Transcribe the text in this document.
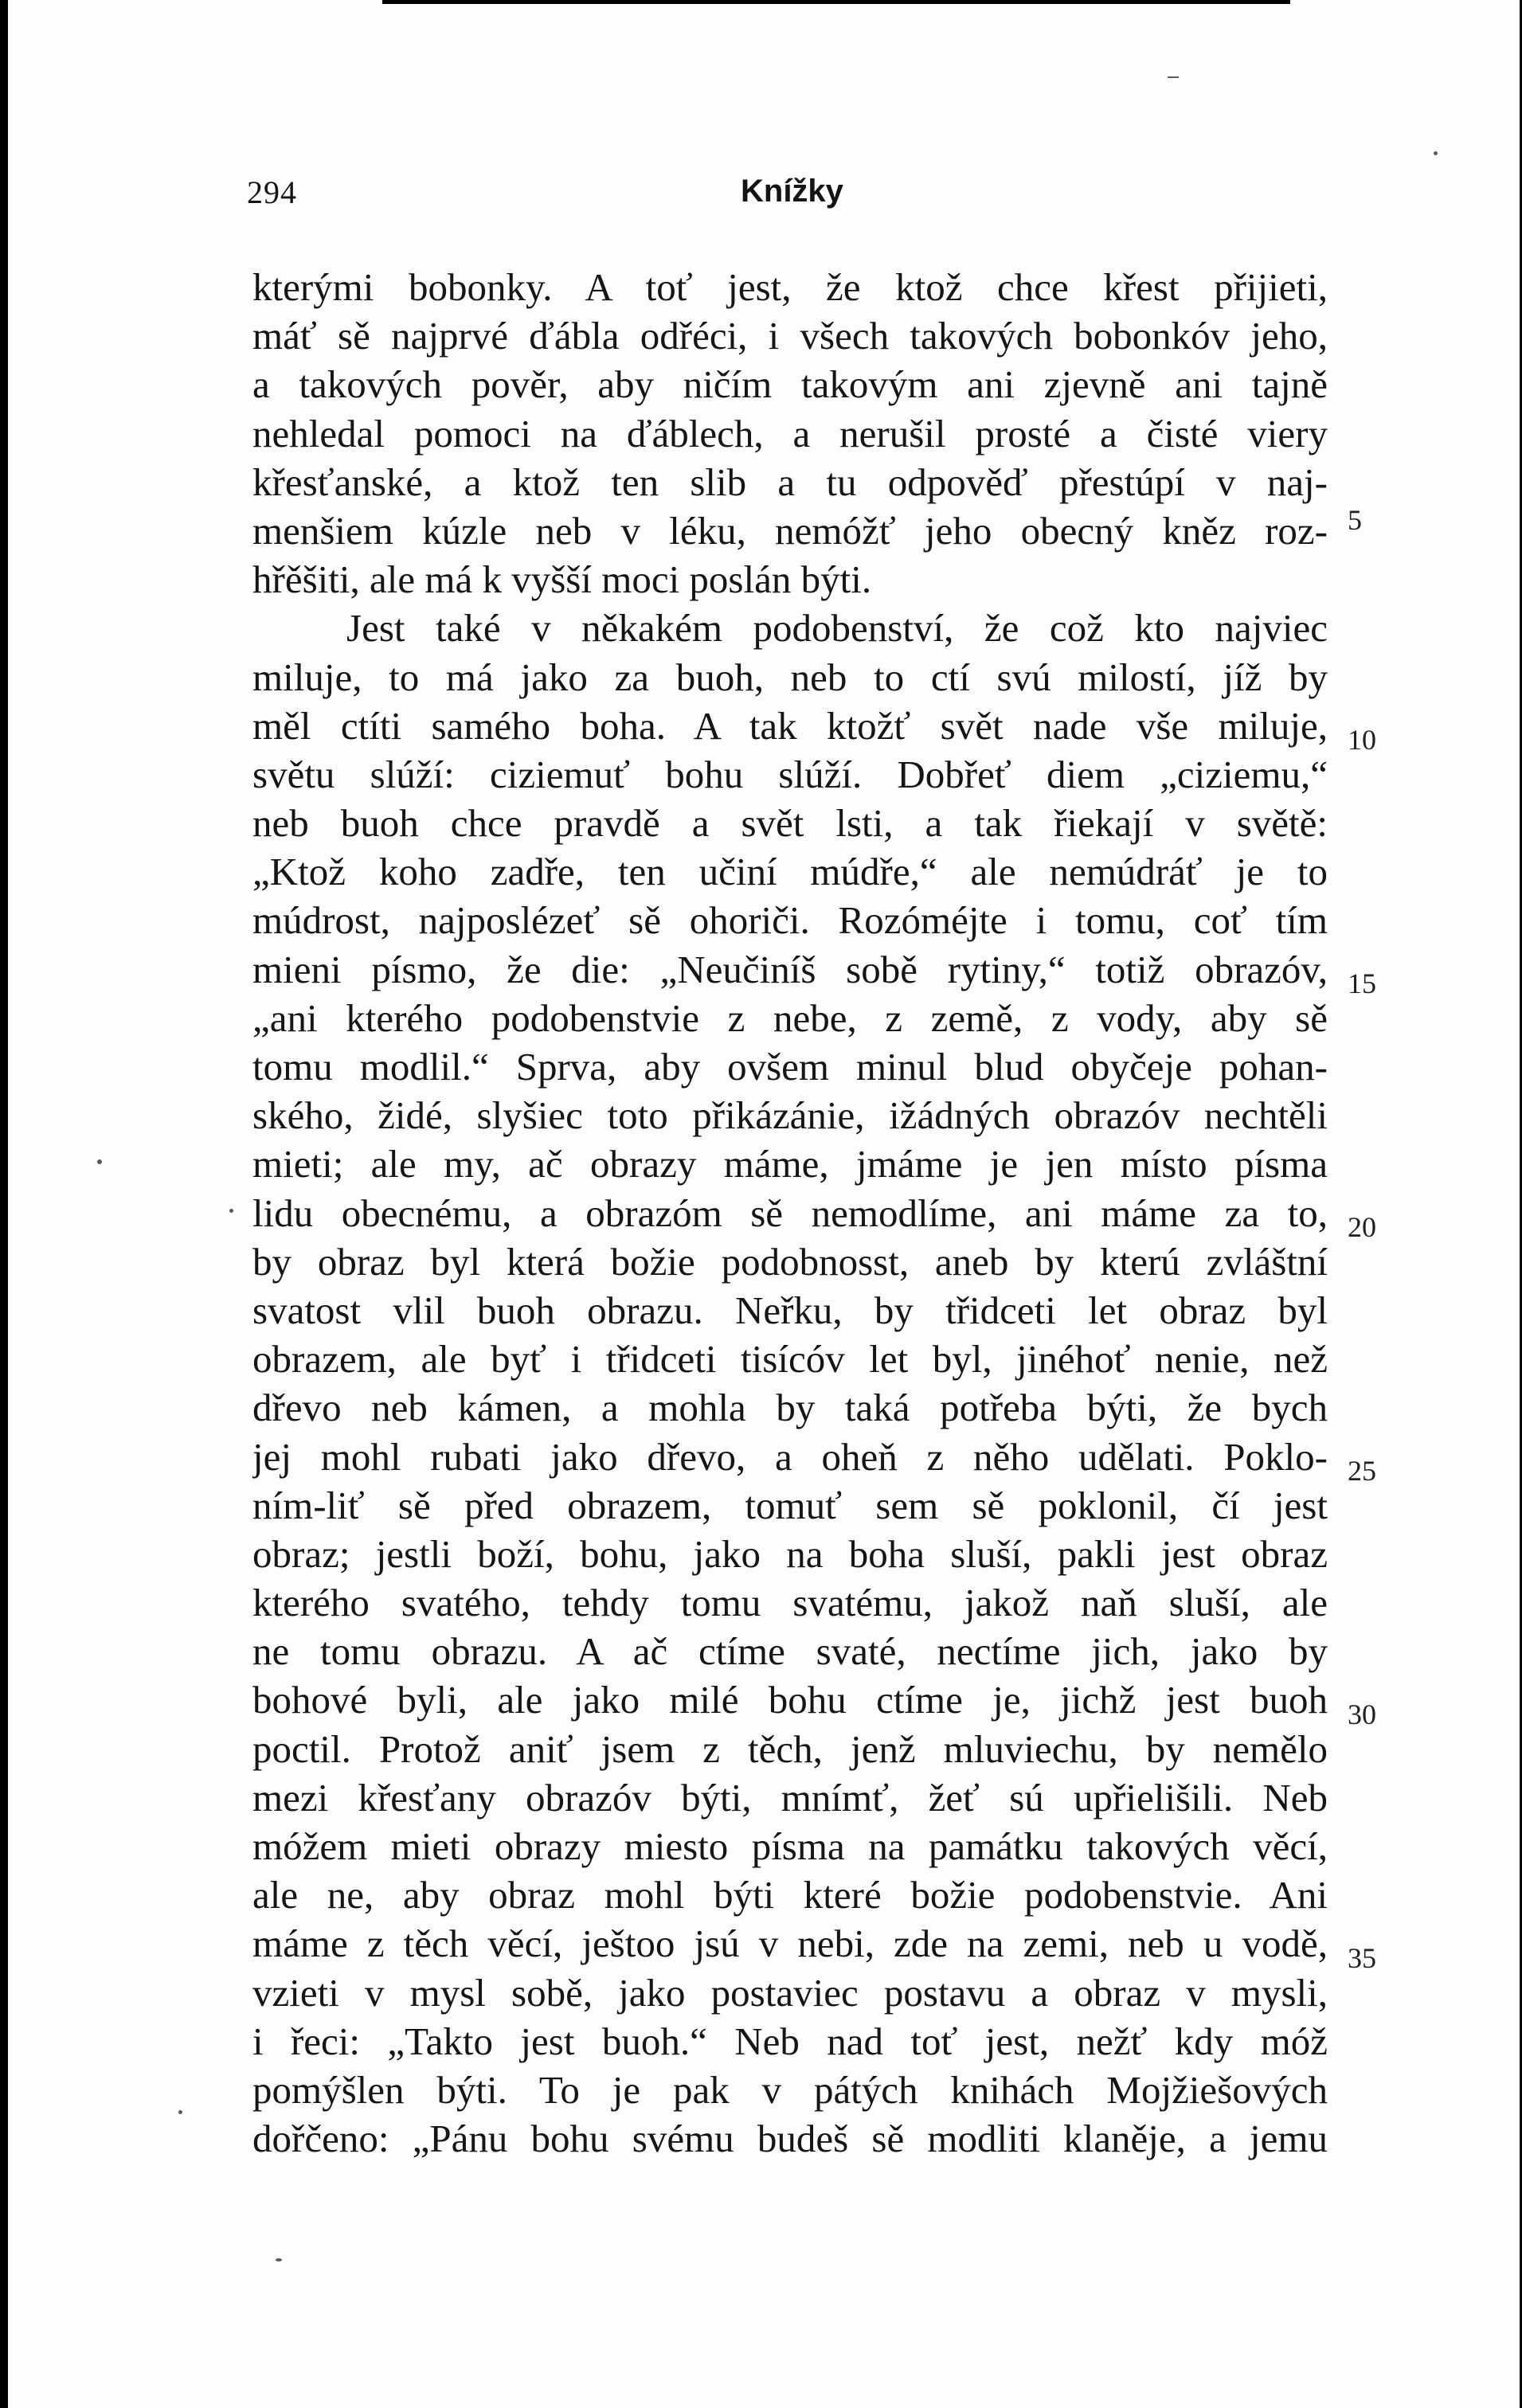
294	Knížky
kterými bobonky. A toť jest, že ktož chce křest přijieti,
máť sě najprvé ďábla odřéci, i všech takových bobonkóv jeho,
a takových pověr, aby ničím takovým ani zjevně ani tajně
nehledal pomoci na ďáblech, a nerušil prosté a čisté viery
křesťanské, a ktož ten slib a tu odpověď přestúpí v naj-
menšiem kúzle neb v léku, nemóžť jeho obecný kněz roz-
hřěšiti, ale má k vyšší moci poslán býti.
Jest také v někakém podobenství, že což kto najviec
miluje, to má jako za buoh, neb to ctí svú milostí, jíž by
měl ctíti samého boha. A tak ktožť svět nade vše miluje,
světu slúží: ciziemuť bohu slúží. Dobřeť diem „ciziemu,“
neb buoh chce pravdě a svět lsti, a tak řiekají v světě:
„Ktož koho zadře, ten učiní múdře,“ ale nemúdráť je to
múdrost, najposlézeť sě ohoriči. Rozóméjte i tomu, coť tím
mieni písmo, že die: „Neučiníš sobě rytiny,“ totiž obrazóv,
„ani kterého podobenstvie z nebe, z země, z vody, aby sě
tomu modlil.“ Sprva, aby ovšem minul blud obyčeje pohan-
ského, židé, slyšiec toto přikázánie, ižádných obrazóv nechtěli
mieti; ale my, ač obrazy máme, jmáme je jen místo písma
lidu obecnému, a obrazóm sě nemodlíme, ani máme za to,
by obraz byl která božie podobnosst, aneb by kterú zvláštní
svatost vlil buoh obrazu. Neřku, by třidceti let obraz byl
obrazem, ale byť i třidceti tisícóv let byl, jinéhoť nenie, než
dřevo neb kámen, a mohla by taká potřeba býti, že bych
jej mohl rubati jako dřevo, a oheň z něho udělati. Poklo-
ním-liť sě před obrazem, tomuť sem sě poklonil, čí jest
obraz; jestli boží, bohu, jako na boha sluší, pakli jest obraz
kterého svatého, tehdy tomu svatému, jakož naň sluší, ale
ne tomu obrazu. A ač ctíme svaté, nectíme jich, jako by
bohové byli, ale jako milé bohu ctíme je, jichž jest buoh
poctil. Protož aniť jsem z těch, jenž mluviechu, by nemělo
mezi křesťany obrazóv býti, mnímť, žeť sú upřielišili. Neb
móžem mieti obrazy miesto písma na památku takových věcí,
ale ne, aby obraz mohl býti které božie podobenstvie. Ani
máme z těch věcí, ještoo jsú v nebi, zde na zemi, neb u vodě,
vzieti v mysl sobě, jako postaviec postavu a obraz v mysli,
i řeci: „Takto jest buoh.“ Neb nad toť jest, nežť kdy móž
pomýšlen býti. To je pak v pátých knihách Mojžiešových
dořčeno: „Pánu bohu svému budeš sě modliti klaněje, a jemu
5
10
15
20
25
30
35
